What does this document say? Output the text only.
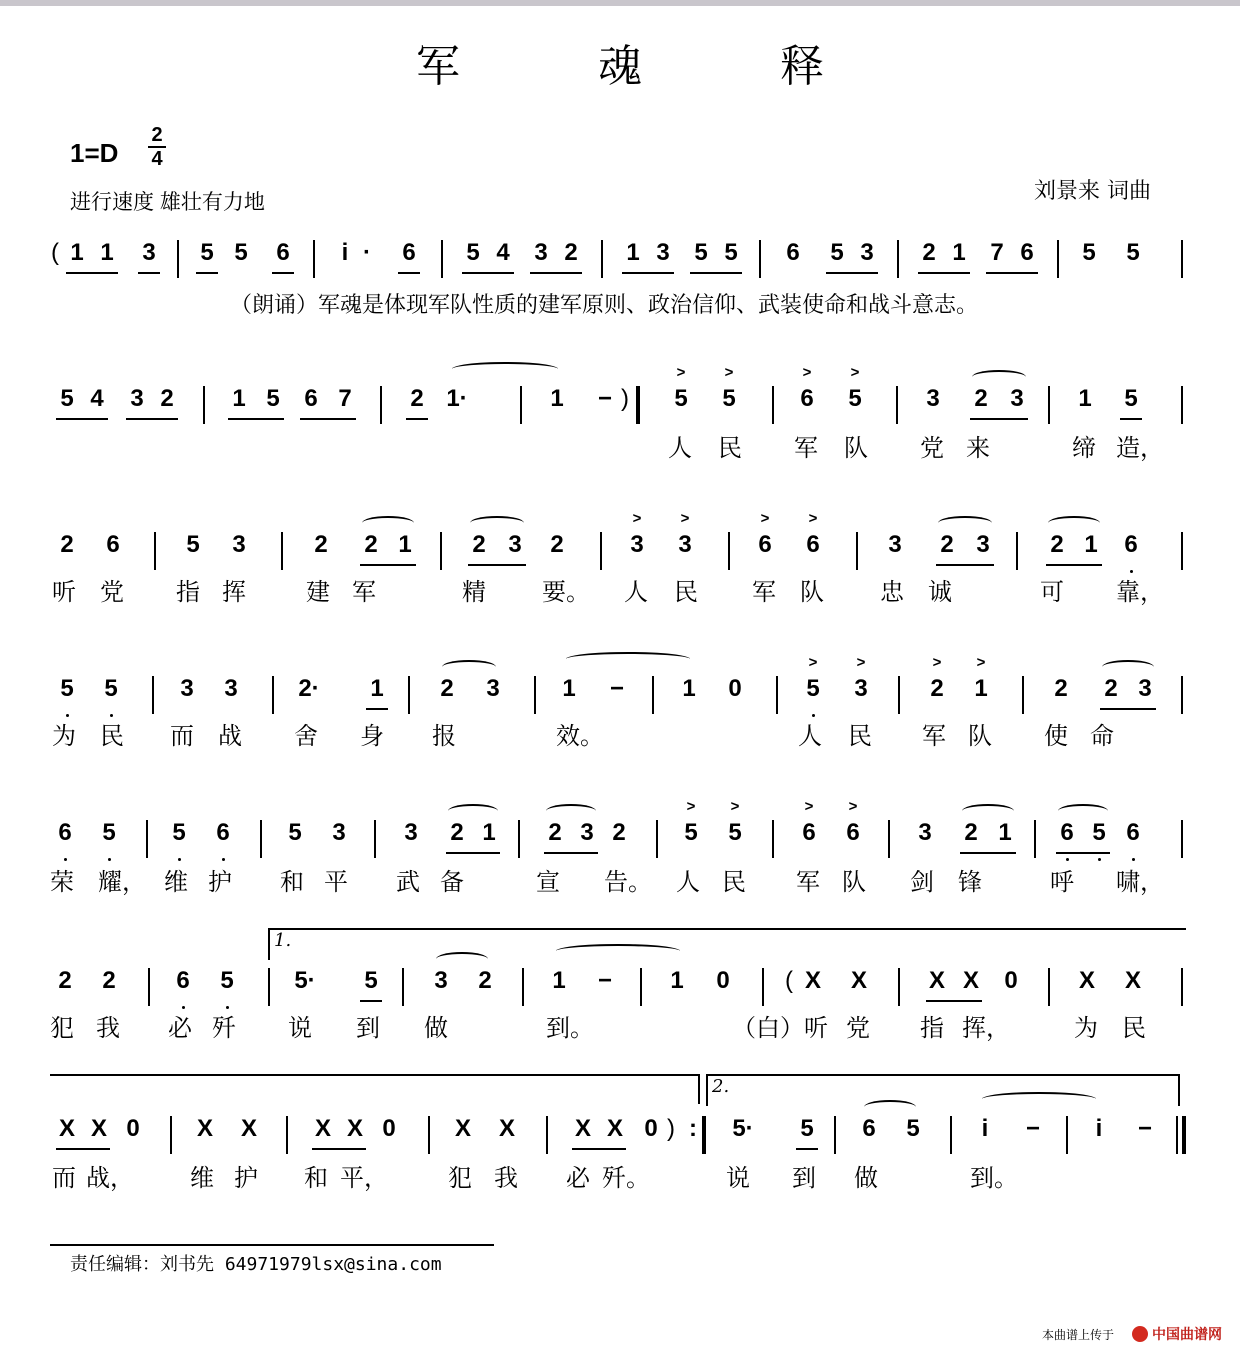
军 魂 释
1=D
2
4
进行速度 雄壮有力地	刘景来 词曲
( 1 1 3 5 5 6	i · 6 5 4 3 2 1 3 5 5 6 5 3 2 1 7 6 5 5
（朗诵）军魂是体现军队性质的建军原则、政治信仰、武装使命和战斗意志。
5 4 3 2 1 5 6 7 2 1·	1 − )
>
5
>
5
>
6
>
5	3 2 3 1 5
人 民 军 队 党 来	缔 造，
2 6	5 3	2 2 1	2 3 2
>
3
>
3
>
6
>
6	3 2 3	2 1 6
听 党 指 挥	建 军	精 要。 人 民 军 队 忠 诚	可 靠，
5 5	3 3	2· 1 2 3	1 − 1 0
>
5
>
3
>
2
>
1	2 2 3
为 民 而 战 舍 身 报	效。	人 民 军 队 使 命
6 5 5 6 5 3 3 2 1 2 3 2
>
5
>
5
>
6
>
6 3 2 1 6 5 6
荣 耀， 维 护 和 平 武 备	宣 告。 人 民 军 队 剑 锋	呼 啸，
1.
2 2	6 5	5· 5 3 2	1 − 1 0 ( X X	X X 0	X X
犯 我 必 歼 说 到 做	到。	（白）听 党 指 挥，	为 民
2.
X X 0 X X X X 0 X X X X 0 ) : 5· 5 6 5	i	−	i	−
而 战， 维 护 和 平，	犯 我 必 歼。	说 到 做	到。
责任编辑：刘书先 64971979lsx@sina.com
本曲谱上传于	中国曲谱网
